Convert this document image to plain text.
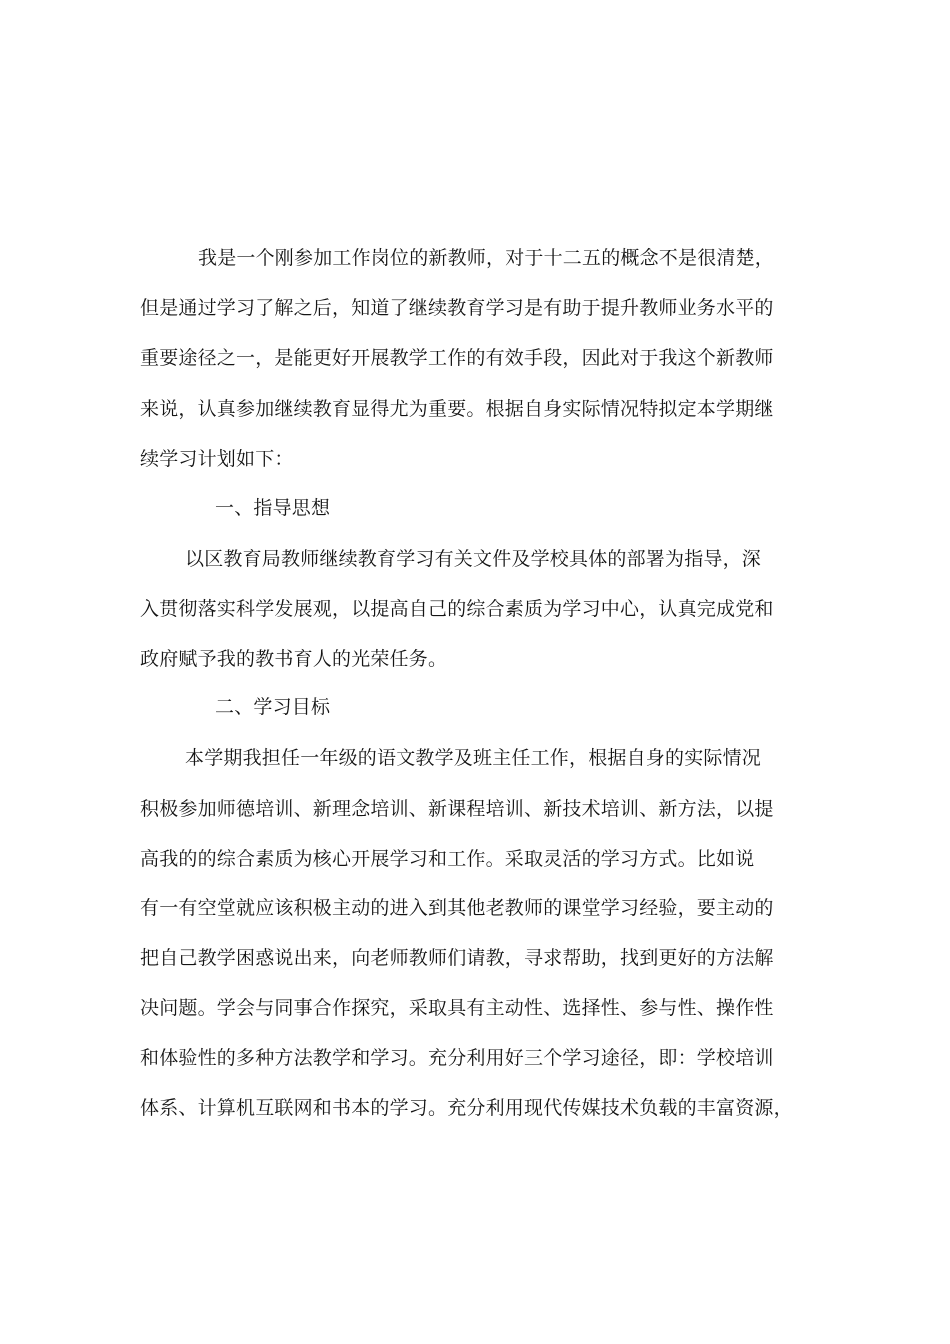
我是一个刚参加工作岗位的新教师，对于十二五的概念不是很清楚，
但是通过学习了解之后，知道了继续教育学习是有助于提升教师业务水平的
重要途径之一，是能更好开展教学工作的有效手段，因此对于我这个新教师
来说，认真参加继续教育显得尤为重要。根据自身实际情况特拟定本学期继
续学习计划如下：
一、指导思想
以区教育局教师继续教育学习有关文件及学校具体的部署为指导，深
入贯彻落实科学发展观，以提高自己的综合素质为学习中心，认真完成党和
政府赋予我的教书育人的光荣任务。
二、学习目标
本学期我担任一年级的语文教学及班主任工作，根据自身的实际情况
积极参加师德培训、新理念培训、新课程培训、新技术培训、新方法，以提
高我的的综合素质为核心开展学习和工作。采取灵活的学习方式。比如说
有一有空堂就应该积极主动的进入到其他老教师的课堂学习经验，要主动的
把自己教学困惑说出来，向老师教师们请教，寻求帮助，找到更好的方法解
决问题。学会与同事合作探究，采取具有主动性、选择性、参与性、操作性
和体验性的多种方法教学和学习。充分利用好三个学习途径，即：学校培训
体系、计算机互联网和书本的学习。充分利用现代传媒技术负载的丰富资源，
